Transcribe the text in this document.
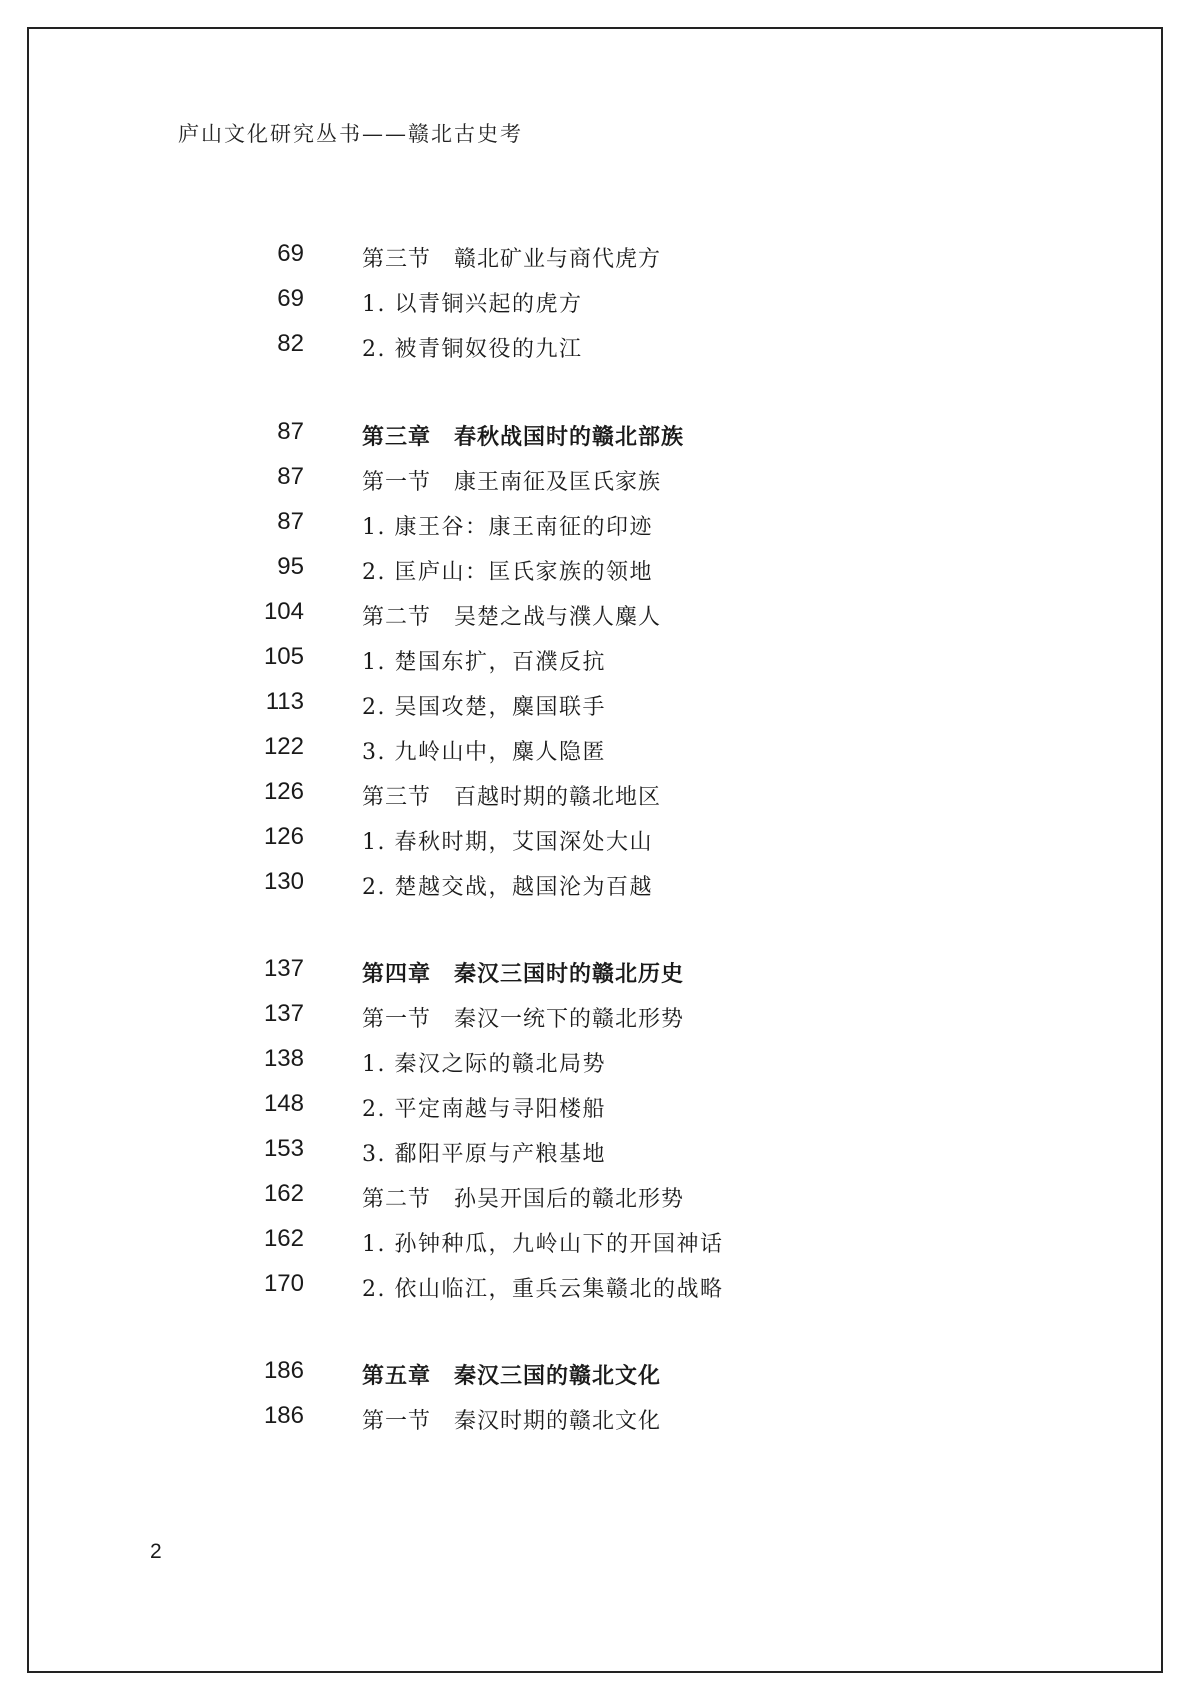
庐山文化研究丛书——赣北古史考
69	第三节　赣北矿业与商代虎方
69	1. 以青铜兴起的虎方
82	2. 被青铜奴役的九江
87	第三章　春秋战国时的赣北部族
87	第一节　康王南征及匡氏家族
87	1. 康王谷：康王南征的印迹
95	2. 匡庐山：匡氏家族的领地
104	第二节　吴楚之战与濮人麋人
105	1. 楚国东扩，百濮反抗
113	2. 吴国攻楚，麋国联手
122	3. 九岭山中，麋人隐匿
126	第三节　百越时期的赣北地区
126	1. 春秋时期，艾国深处大山
130	2. 楚越交战，越国沦为百越
137	第四章　秦汉三国时的赣北历史
137	第一节　秦汉一统下的赣北形势
138	1. 秦汉之际的赣北局势
148	2. 平定南越与寻阳楼船
153	3. 鄱阳平原与产粮基地
162	第二节　孙吴开国后的赣北形势
162	1. 孙钟种瓜，九岭山下的开国神话
170	2. 依山临江，重兵云集赣北的战略
186	第五章　秦汉三国的赣北文化
186	第一节　秦汉时期的赣北文化
2
